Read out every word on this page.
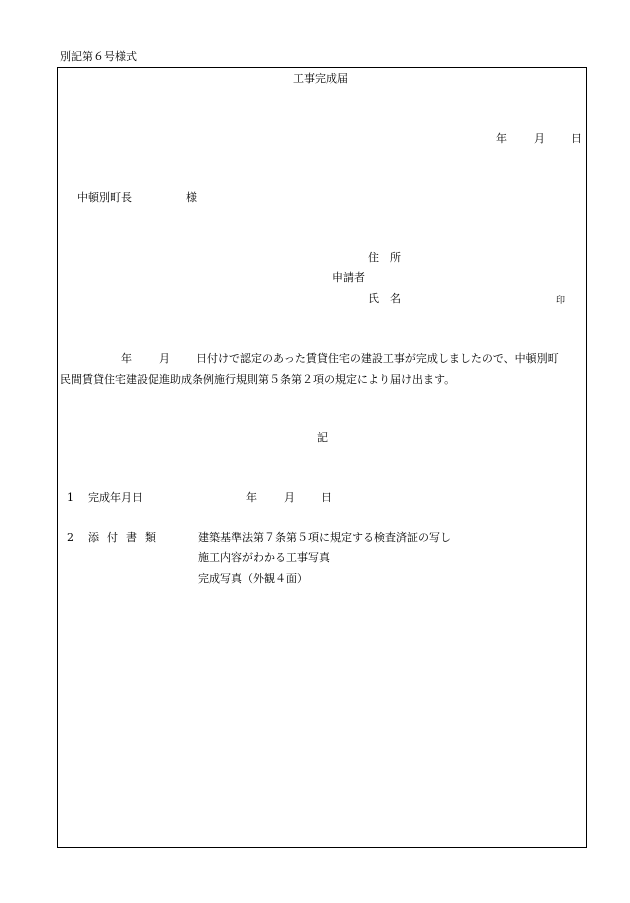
別記第６号様式
工事完成届
年 月 日
中頓別町長	様
住　所
申請者
氏　名	印
年 月 日付けで認定のあった賃貸住宅の建設工事が完成しましたので、中頓別町
民間賃貸住宅建設促進助成条例施行規則第５条第２項の規定により届け出ます。
記
1 完成年月日	年 月 日
2 添付書類	建築基準法第７条第５項に規定する検査済証の写し
施工内容がわかる工事写真
完成写真（外観４面）
